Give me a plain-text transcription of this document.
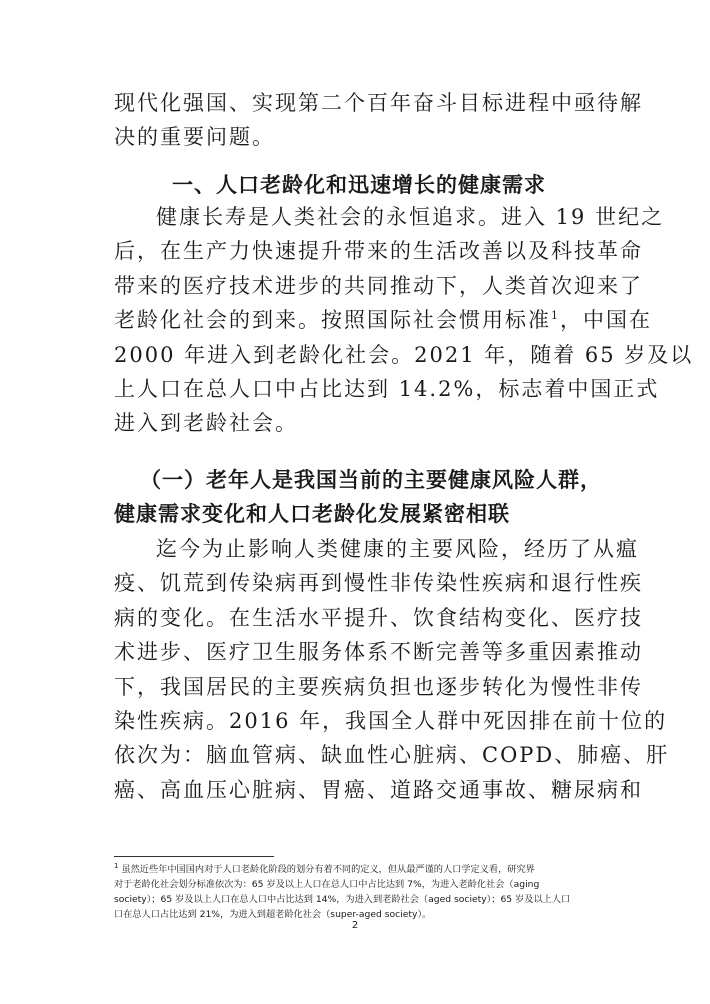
现代化强国、实现第二个百年奋斗目标进程中亟待解
决的重要问题。
一、人口老龄化和迅速增长的健康需求
健康长寿是人类社会的永恒追求。进入 19 世纪之
后，在生产力快速提升带来的生活改善以及科技革命
带来的医疗技术进步的共同推动下，人类首次迎来了
老龄化社会的到来。按照国际社会惯用标准$^1$，中国在
2000 年进入到老龄化社会。2021 年，随着 65 岁及以
上人口在总人口中占比达到 14.2%，标志着中国正式
进入到老龄社会。
（一）老年人是我国当前的主要健康风险人群，
健康需求变化和人口老龄化发展紧密相联
迄今为止影响人类健康的主要风险，经历了从瘟
疫、饥荒到传染病再到慢性非传染性疾病和退行性疾
病的变化。在生活水平提升、饮食结构变化、医疗技
术进步、医疗卫生服务体系不断完善等多重因素推动
下，我国居民的主要疾病负担也逐步转化为慢性非传
染性疾病。2016 年，我国全人群中死因排在前十位的
依次为：脑血管病、缺血性心脏病、COPD、肺癌、肝
癌、高血压心脏病、胃癌、道路交通事故、糖尿病和
$^1$ 虽然近些年中国国内对于人口老龄化阶段的划分有着不同的定义，但从最严谨的人口学定义看，研究界
对于老龄化社会划分标准依次为：65 岁及以上人口在总人口中占比达到 7%，为进入老龄化社会（aging
society）；65 岁及以上人口在总人口中占比达到 14%，为进入到老龄社会（aged society）；65 岁及以上人口
口在总人口占比达到 21%，为进入到超老龄化社会（super-aged society）。
2
